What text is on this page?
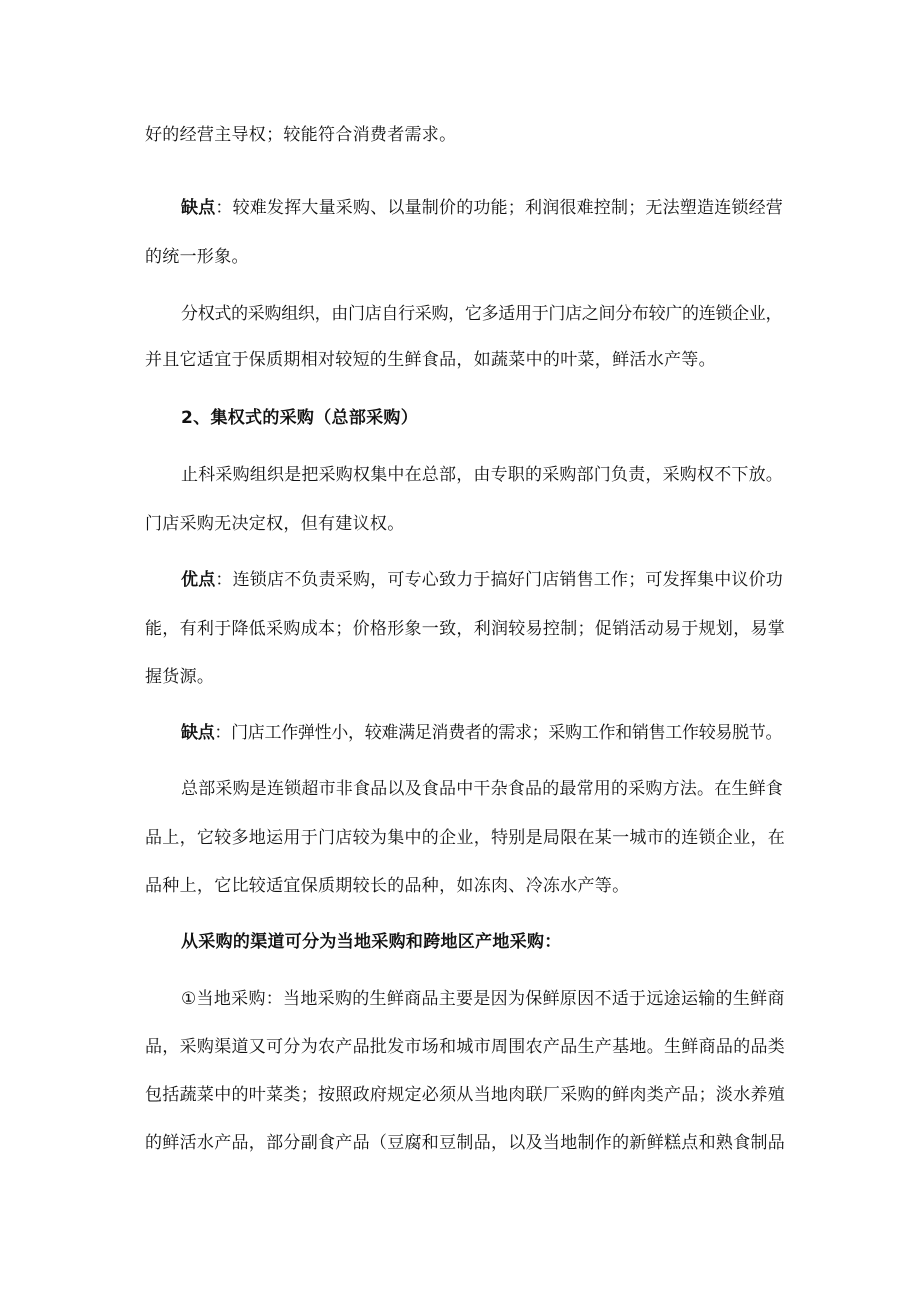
好的经营主导权；较能符合消费者需求。
缺点：较难发挥大量采购、以量制价的功能；利润很难控制；无法塑造连锁经营
的统一形象。
分权式的采购组织，由门店自行采购，它多适用于门店之间分布较广的连锁企业，
并且它适宜于保质期相对较短的生鲜食品，如蔬菜中的叶菜，鲜活水产等。
2、集权式的采购（总部采购）
止科采购组织是把采购权集中在总部，由专职的采购部门负责，采购权不下放。
门店采购无决定权，但有建议权。
优点：连锁店不负责采购，可专心致力于搞好门店销售工作；可发挥集中议价功
能，有利于降低采购成本；价格形象一致，利润较易控制；促销活动易于规划，易掌
握货源。
缺点：门店工作弹性小，较难满足消费者的需求；采购工作和销售工作较易脱节。
总部采购是连锁超市非食品以及食品中干杂食品的最常用的采购方法。在生鲜食
品上，它较多地运用于门店较为集中的企业，特别是局限在某一城市的连锁企业，在
品种上，它比较适宜保质期较长的品种，如冻肉、冷冻水产等。
从采购的渠道可分为当地采购和跨地区产地采购：
①当地采购：当地采购的生鲜商品主要是因为保鲜原因不适于远途运输的生鲜商
品，采购渠道又可分为农产品批发市场和城市周围农产品生产基地。生鲜商品的品类
包括蔬菜中的叶菜类；按照政府规定必须从当地肉联厂采购的鲜肉类产品；淡水养殖
的鲜活水产品，部分副食产品（豆腐和豆制品，以及当地制作的新鲜糕点和熟食制品
